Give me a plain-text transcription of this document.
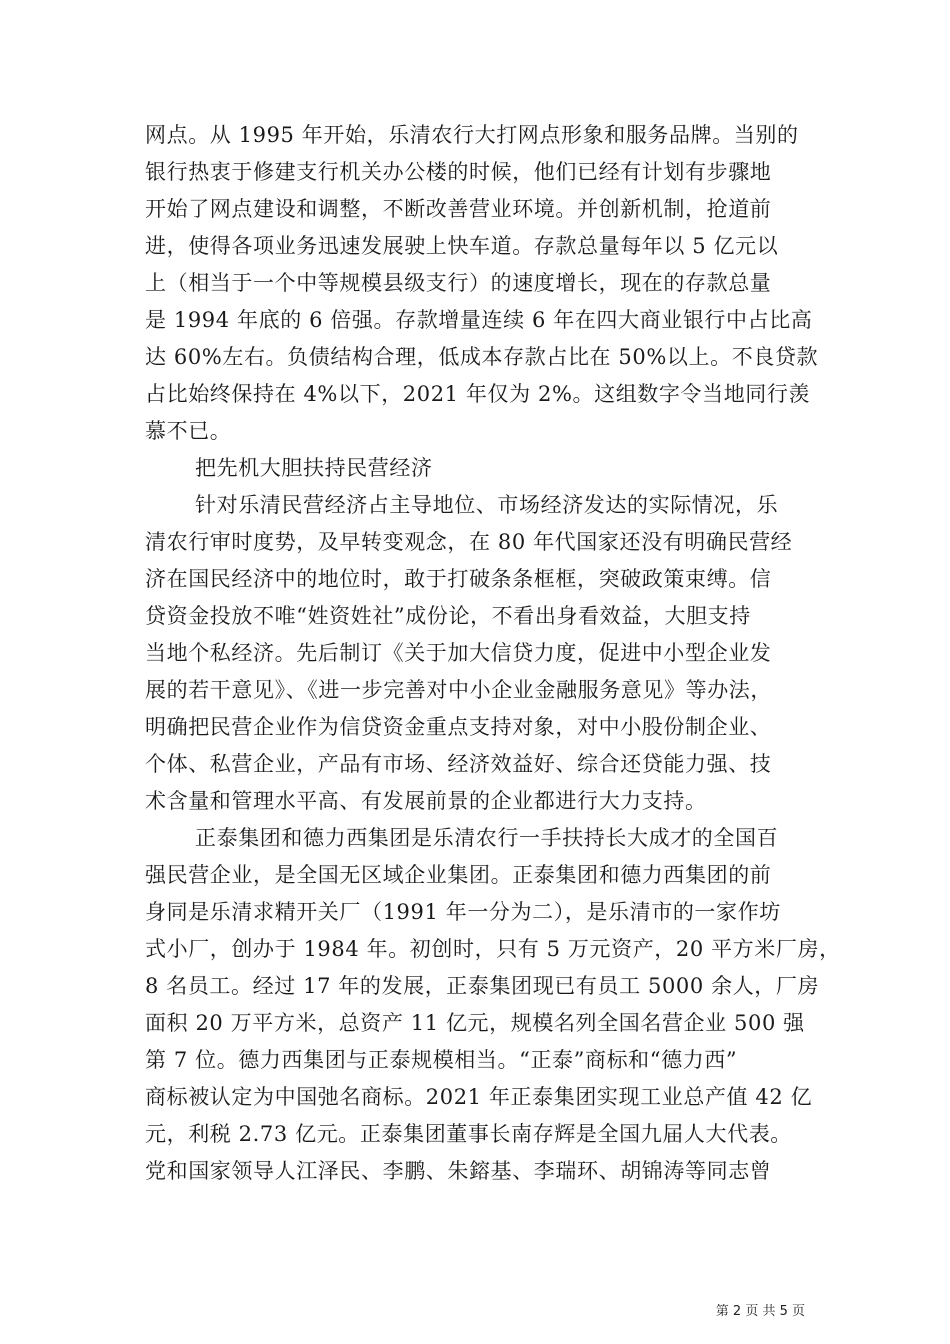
网点。从 1995 年开始，乐清农行大打网点形象和服务品牌。当别的
银行热衷于修建支行机关办公楼的时候，他们已经有计划有步骤地
开始了网点建设和调整，不断改善营业环境。并创新机制，抢道前
进，使得各项业务迅速发展驶上快车道。存款总量每年以 5 亿元以
上（相当于一个中等规模县级支行）的速度增长，现在的存款总量
是 1994 年底的 6 倍强。存款增量连续 6 年在四大商业银行中占比高
达 60%左右。负债结构合理，低成本存款占比在 50%以上。不良贷款
占比始终保持在 4%以下，2021 年仅为 2%。这组数字令当地同行羡
慕不已。
把先机大胆扶持民营经济
针对乐清民营经济占主导地位、市场经济发达的实际情况，乐
清农行审时度势，及早转变观念，在 80 年代国家还没有明确民营经
济在国民经济中的地位时，敢于打破条条框框，突破政策束缚。信
贷资金投放不唯“姓资姓社”成份论，不看出身看效益，大胆支持
当地个私经济。先后制订《关于加大信贷力度，促进中小型企业发
展的若干意见》、《进一步完善对中小企业金融服务意见》等办法，
明确把民营企业作为信贷资金重点支持对象，对中小股份制企业、
个体、私营企业，产品有市场、经济效益好、综合还贷能力强、技
术含量和管理水平高、有发展前景的企业都进行大力支持。
正泰集团和德力西集团是乐清农行一手扶持长大成才的全国百
强民营企业，是全国无区域企业集团。正泰集团和德力西集团的前
身同是乐清求精开关厂（1991 年一分为二），是乐清市的一家作坊
式小厂，创办于 1984 年。初创时，只有 5 万元资产，20 平方米厂房，
8 名员工。经过 17 年的发展，正泰集团现已有员工 5000 余人，厂房
面积 20 万平方米，总资产 11 亿元，规模名列全国名营企业 500 强
第 7 位。德力西集团与正泰规模相当。“正泰”商标和“德力西”
商标被认定为中国弛名商标。2021 年正泰集团实现工业总产值 42 亿
元，利税 2.73 亿元。正泰集团董事长南存辉是全国九届人大代表。
党和国家领导人江泽民、李鹏、朱鎔基、李瑞环、胡锦涛等同志曾
第 2 页 共 5 页
